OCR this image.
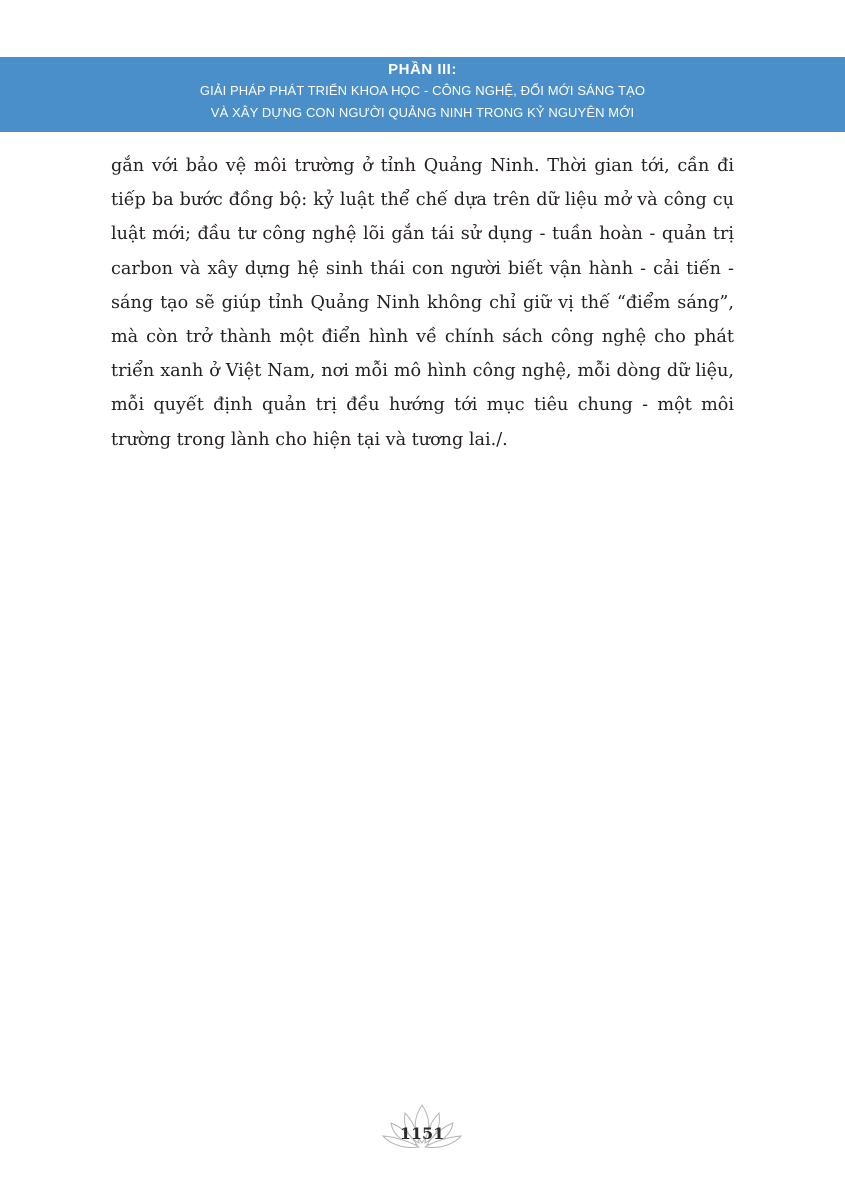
PHẦN III:
GIẢI PHÁP PHÁT TRIỂN KHOA HỌC - CÔNG NGHỆ, ĐỔI MỚI SÁNG TẠO
VÀ XÂY DỰNG CON NGƯỜI QUẢNG NINH TRONG KỶ NGUYÊN MỚI

gắn với bảo vệ môi trường ở tỉnh Quảng Ninh. Thời gian tới, cần đi tiếp ba bước đồng bộ: kỷ luật thể chế dựa trên dữ liệu mở và công cụ luật mới; đầu tư công nghệ lõi gắn tái sử dụng - tuần hoàn - quản trị carbon và xây dựng hệ sinh thái con người biết vận hành - cải tiến - sáng tạo sẽ giúp tỉnh Quảng Ninh không chỉ giữ vị thế “điểm sáng”, mà còn trở thành một điển hình về chính sách công nghệ cho phát triển xanh ở Việt Nam, nơi mỗi mô hình công nghệ, mỗi dòng dữ liệu, mỗi quyết định quản trị đều hướng tới mục tiêu chung - một môi trường trong lành cho hiện tại và tương lai./.

1151
